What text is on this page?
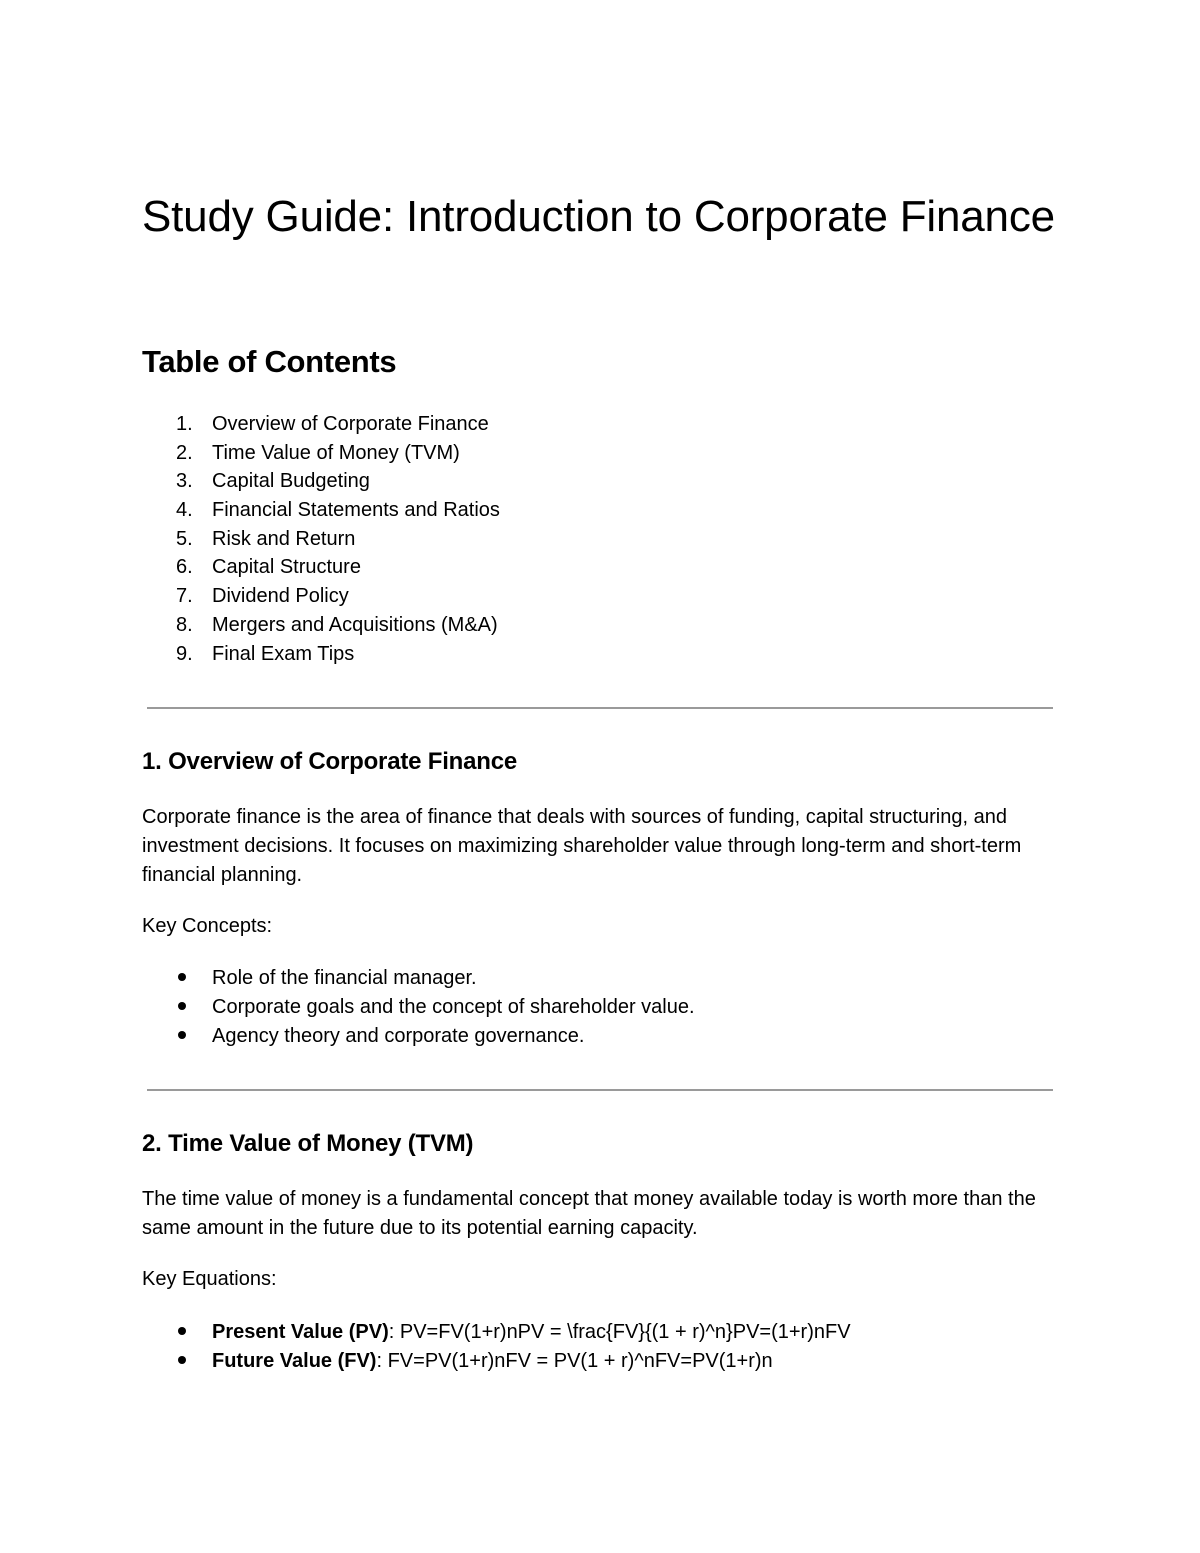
Study Guide: Introduction to Corporate Finance
Table of Contents
1. Overview of Corporate Finance
2. Time Value of Money (TVM)
3. Capital Budgeting
4. Financial Statements and Ratios
5. Risk and Return
6. Capital Structure
7. Dividend Policy
8. Mergers and Acquisitions (M&A)
9. Final Exam Tips
1. Overview of Corporate Finance

Corporate finance is the area of finance that deals with sources of funding, capital structuring, and investment decisions. It focuses on maximizing shareholder value through long-term and short-term financial planning.

Key Concepts:

Role of the financial manager.
Corporate goals and the concept of shareholder value.
Agency theory and corporate governance.
2. Time Value of Money (TVM)

The time value of money is a fundamental concept that money available today is worth more than the same amount in the future due to its potential earning capacity.

Key Equations:

Present Value (PV): PV=FV(1+r)nPV = \frac{FV}{(1 + r)^n}PV=(1+r)nFV
Future Value (FV): FV=PV(1+r)nFV = PV(1 + r)^nFV=PV(1+r)n
